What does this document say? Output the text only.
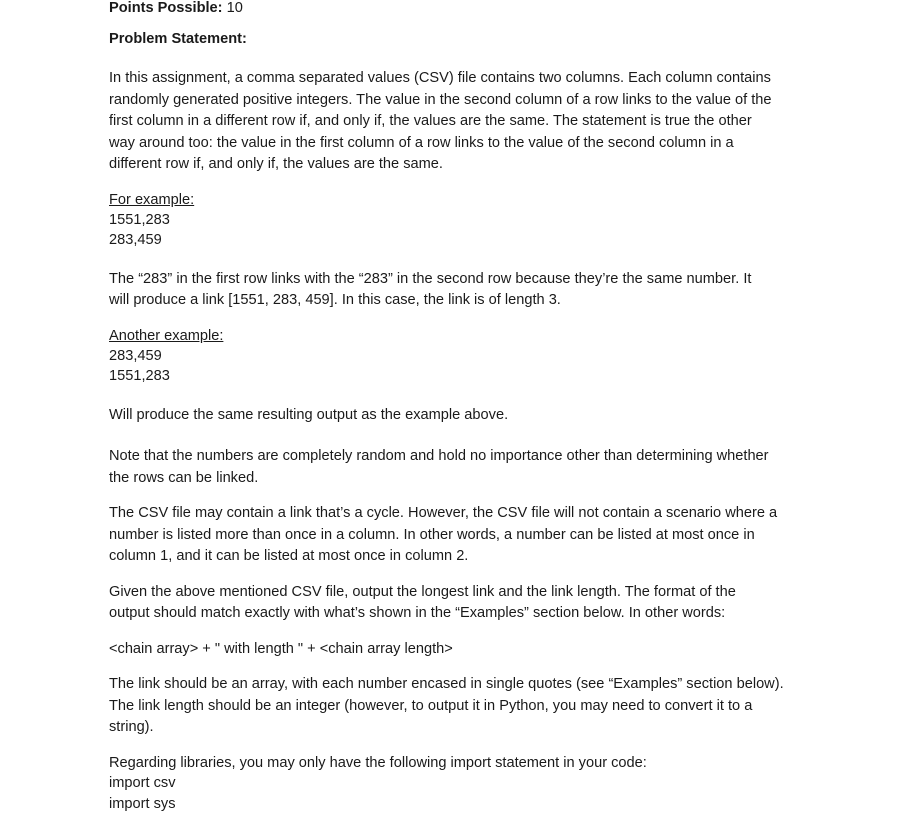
Points Possible: 10
Problem Statement:
In this assignment, a comma separated values (CSV) file contains two columns. Each column contains
randomly generated positive integers. The value in the second column of a row links to the value of the
first column in a different row if, and only if, the values are the same. The statement is true the other
way around too: the value in the first column of a row links to the value of the second column in a
different row if, and only if, the values are the same.
For example:
1551,283
283,459
The “283” in the first row links with the “283” in the second row because they’re the same number. It
will produce a link [1551, 283, 459]. In this case, the link is of length 3.
Another example:
283,459
1551,283
Will produce the same resulting output as the example above.
Note that the numbers are completely random and hold no importance other than determining whether
the rows can be linked.
The CSV file may contain a link that’s a cycle. However, the CSV file will not contain a scenario where a
number is listed more than once in a column. In other words, a number can be listed at most once in
column 1, and it can be listed at most once in column 2.
Given the above mentioned CSV file, output the longest link and the link length. The format of the
output should match exactly with what’s shown in the “Examples” section below. In other words:
<chain array> + " with length " + <chain array length>
The link should be an array, with each number encased in single quotes (see “Examples” section below).
The link length should be an integer (however, to output it in Python, you may need to convert it to a
string).
Regarding libraries, you may only have the following import statement in your code:
import csv
import sys
